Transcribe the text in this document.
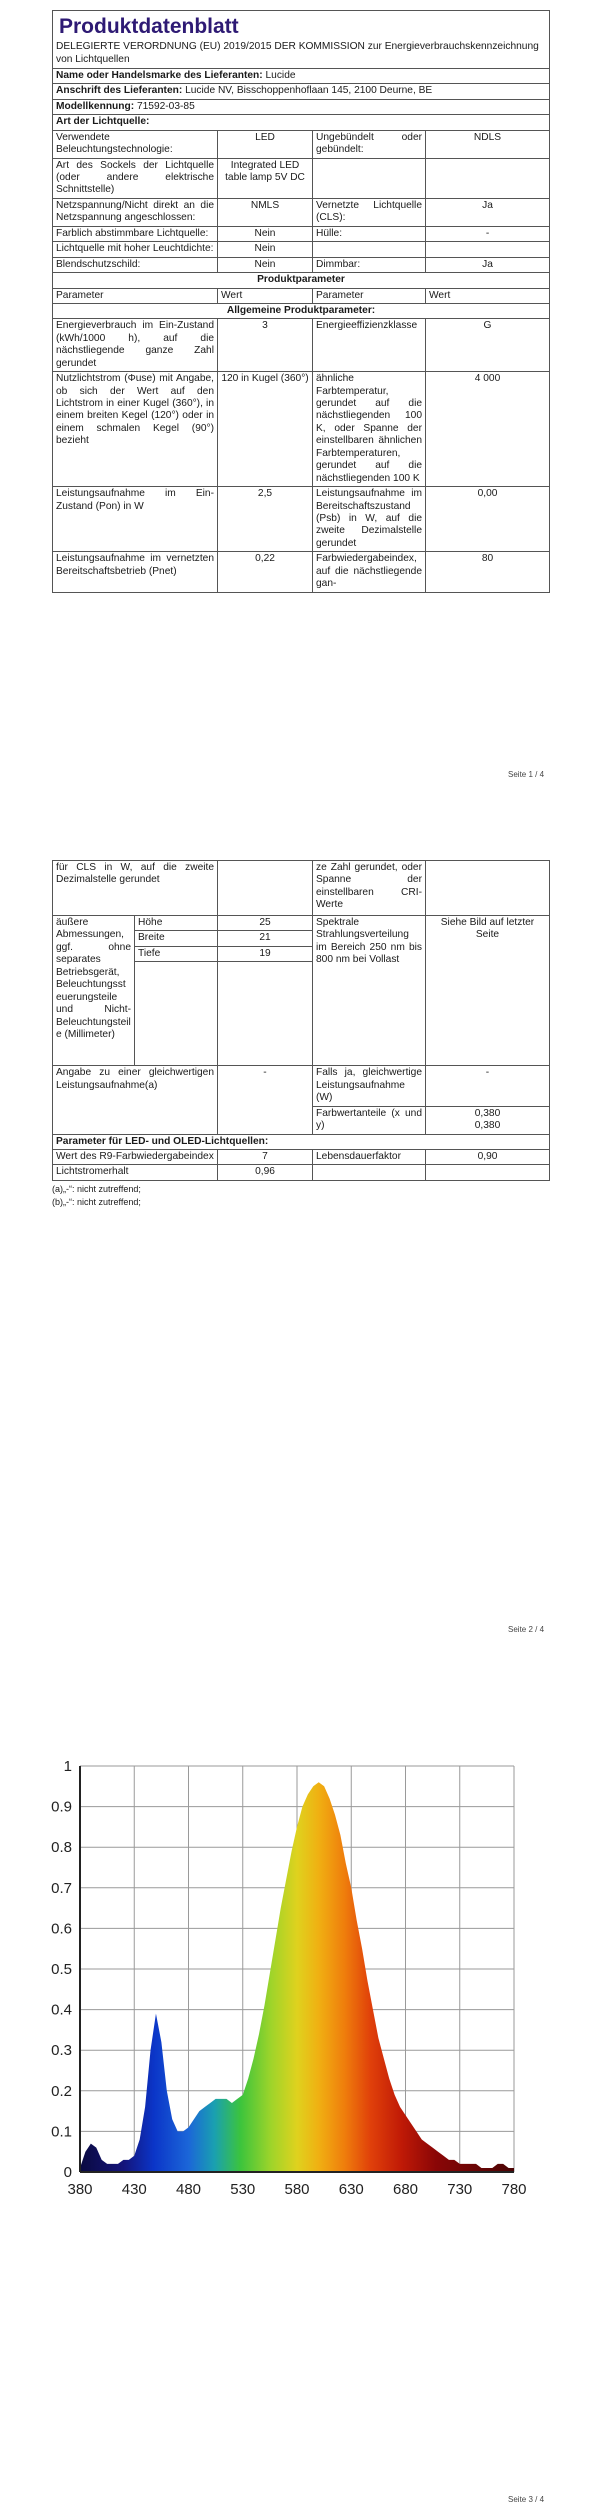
Produktdatenblatt
DELEGIERTE VERORDNUNG (EU) 2019/2015 DER KOMMISSION zur Energieverbrauchskennzeichnung von Lichtquellen			

Name oder Handelsmarke des Lieferanten: Lucide			
Anschrift des Lieferanten: Lucide NV, Bisschoppenhoflaan 145, 2100 Deurne, BE			
Modellkennung: 71592-03-85			
Art der Lichtquelle:			
Verwendete Beleuchtungstechnologie:	LED	Ungebündelt oder gebündelt:	NDLS
Art des Sockels der Lichtquelle (oder andere elektrische Schnittstelle)	Integrated LED table lamp 5V DC		
Netzspannung/Nicht direkt an die Netzspannung angeschlossen:	NMLS	Vernetzte Lichtquelle (CLS):	Ja
Farblich abstimmbare Lichtquelle:	Nein	Hülle:	-
Lichtquelle mit hoher Leuchtdichte:	Nein		
Blendschutzschild:	Nein	Dimmbar:	Ja
Produktparameter			
Parameter	Wert	Parameter	Wert
Allgemeine Produktparameter:			
Energieverbrauch im Ein-Zustand (kWh/1000 h), auf die nächstliegende ganze Zahl gerundet	3	Energieeffizienzklasse	G
Nutzlichtstrom (Φuse) mit Angabe, ob sich der Wert auf den Lichtstrom in einer Kugel (360°), in einem breiten Kegel (120°) oder in einem schmalen Kegel (90°) bezieht	120 in Kugel (360°)	ähnliche Farbtemperatur, gerundet auf die nächstliegenden 100 K, oder Spanne der einstellbaren ähnlichen Farbtemperaturen, gerundet auf die nächstliegenden 100 K	4 000
Leistungsaufnahme im Ein-Zustand (Pon) in W	2,5	Leistungsaufnahme im Bereitschaftszustand (Psb) in W, auf die zweite Dezimalstelle gerundet	0,00
Leistungsaufnahme im vernetzten Bereitschaftsbetrieb (Pnet)	0,22	Farbwiedergabeindex, auf die nächstliegende gan-	80
Seite 1 / 4
für CLS in W, auf die zweite Dezimalstelle gerundet			ze Zahl gerundet, oder Spanne der einstellbaren CRI-Werte	
äußere Abmessungen, ggf. ohne separates Betriebsgerät, Beleuchtungssteuerungsteile und Nicht-Beleuchtungsteile (Millimeter)	Höhe	25	Spektrale Strahlungsverteilung im Bereich 250 nm bis 800 nm bei Vollast	Siehe Bild auf letzter Seite
	Breite	21		
	Tiefe	19		

Angabe zu einer gleichwertigen Leistungsaufnahme(a)		-	Falls ja, gleichwertige Leistungsaufnahme (W)	-
			Farbwertanteile (x und y)	0,380
0,380

Parameter für LED- und OLED-Lichtquellen:				
Wert des R9-Farbwiedergabeindex		7	Lebensdauerfaktor	0,90
Lichtstromerhalt		0,96		
(a)„-“: nicht zutreffend;
(b)„-“: nicht zutreffend;
Seite 2 / 4
0
0.1
0.2
0.3
0.4
0.5
0.6
0.7
0.8
0.9
1
380 430 480 530 580 630 680 730 780
Seite 3 / 4
